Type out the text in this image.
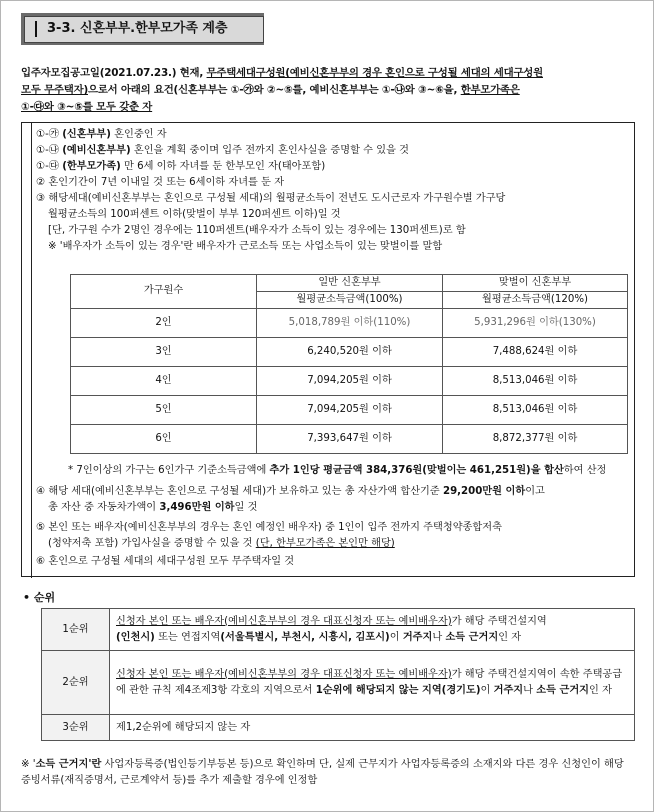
3-3. 신혼부부.한부모가족 계층
입주자모집공고일(2021.07.23.) 현재, 무주택세대구성원(예비신혼부부의 경우 혼인으로 구성될 세대의 세대구성원
모두 무주택자)으로서 아래의 요건(신혼부부는 ①-㉮와 ②~⑤를, 예비신혼부부는 ①-㉯와 ③~⑥을, 한부모가족은
①-㉰와 ③~⑤를 모두 갖춘 자
①-㉮ (신혼부부) 혼인중인 자
①-㉯ (예비신혼부부) 혼인을 계획 중이며 입주 전까지 혼인사실을 증명할 수 있을 것
①-㉰ (한부모가족) 만 6세 이하 자녀를 둔 한부모인 자(태아포함)
② 혼인기간이 7년 이내일 것 또는 6세이하 자녀를 둔 자
③ 해당세대(예비신혼부부는 혼인으로 구성될 세대)의 월평균소득이 전년도 도시근로자 가구원수별 가구당
월평균소득의 100퍼센트 이하(맞벌이 부부 120퍼센트 이하)일 것
[단, 가구원 수가 2명인 경우에는 110퍼센트(배우자가 소득이 있는 경우에는 130퍼센트)로 함
※ '배우자가 소득이 있는 경우'란 배우자가 근로소득 또는 사업소득이 있는 맞벌이를 말함
가구원수	일반 신혼부부	맞벌이 신혼부부
	월평균소득금액(100%)	월평균소득금액(120%)
2인	5,018,789원 이하(110%)	5,931,296원 이하(130%)
3인	6,240,520원 이하	7,488,624원 이하
4인	7,094,205원 이하	8,513,046원 이하
5인	7,094,205원 이하	8,513,046원 이하
6인	7,393,647원 이하	8,872,377원 이하
* 7인이상의 가구는 6인가구 기준소득금액에 추가 1인당 평균금액 384,376원(맞벌이는 461,251원)을 합산하여 산정
④ 해당 세대(예비신혼부부는 혼인으로 구성될 세대)가 보유하고 있는 총 자산가액 합산기준 29,200만원 이하이고
총 자산 중 자동차가액이 3,496만원 이하일 것
⑤ 본인 또는 배우자(예비신혼부부의 경우는 혼인 예정인 배우자) 중 1인이 입주 전까지 주택청약종합저축
(청약저축 포함) 가입사실을 증명할 수 있을 것 (단, 한부모가족은 본인만 해당)
⑥ 혼인으로 구성될 세대의 세대구성원 모두 무주택자일 것
• 순위
1순위	신청자 본인 또는 배우자(예비신혼부부의 경우 대표신청자 또는 예비배우자)가 해당 주택건설지역
(인천시) 또는 연접지역(서울특별시, 부천시, 시흥시, 김포시)이 거주지나 소득 근거지인 자
2순위	신청자 본인 또는 배우자(예비신혼부부의 경우 대표신청자 또는 예비배우자)가 해당 주택건설지역이 속한 주택공급에 관한 규칙 제4조제3항 각호의 지역으로서 1순위에 해당되지 않는 지역(경기도)이 거주지나 소득 근거지인 자
3순위	제1,2순위에 해당되지 않는 자
※ '소득 근거지'란 사업자등록증(법인등기부등본 등)으로 확인하며 단, 실제 근무지가 사업자등록증의 소재지와 다른 경우 신청인이 해당 증빙서류(재직증명서, 근로계약서 등)를 추가 제출할 경우에 인정함
